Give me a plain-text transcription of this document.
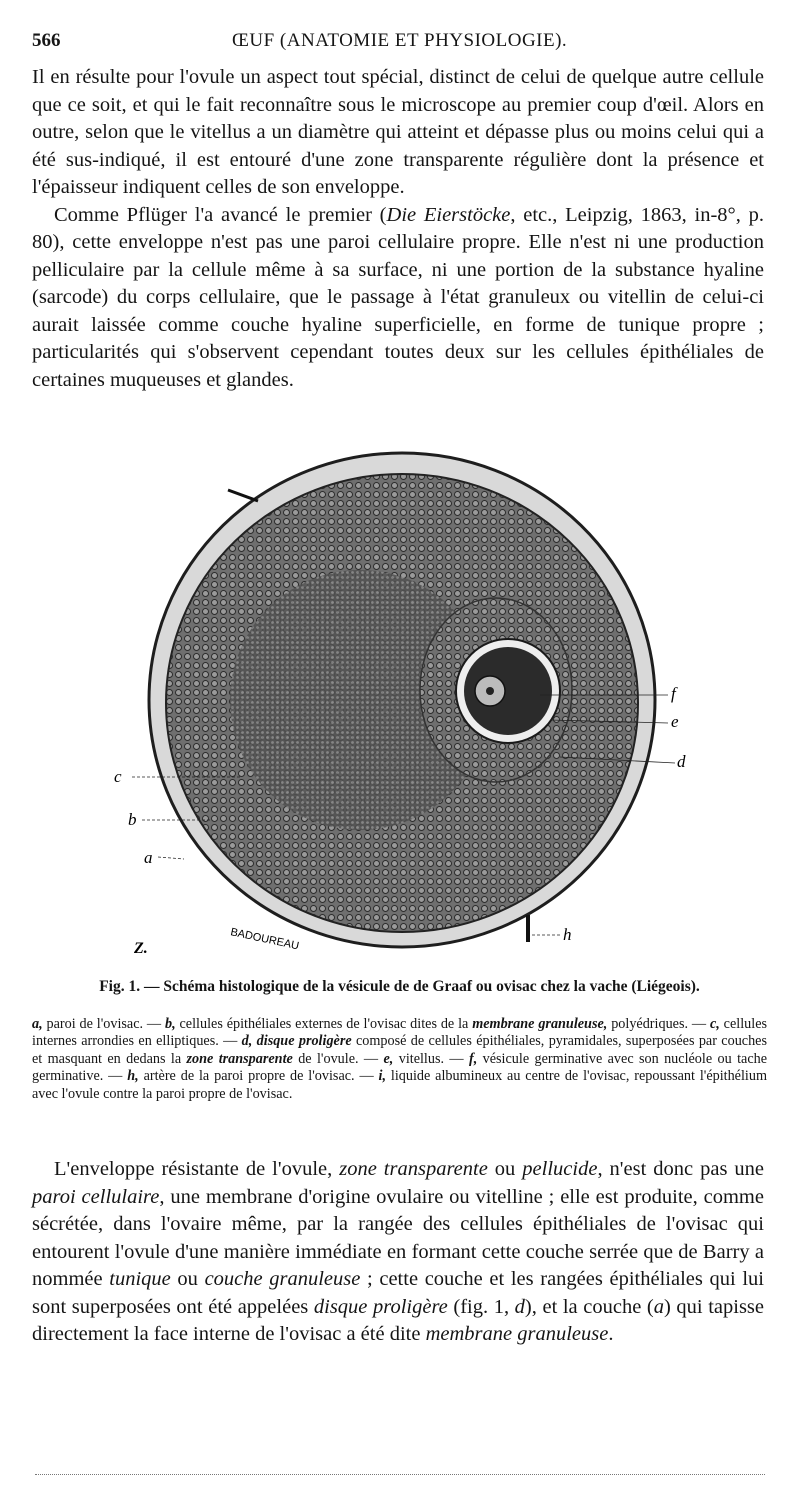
566	ŒUF (ANATOMIE ET PHYSIOLOGIE).

Il en résulte pour l'ovule un aspect tout spécial, distinct de celui de quelque autre cellule que ce soit, et qui le fait reconnaître sous le microscope au premier coup d'œil. Alors en outre, selon que le vitellus a un diamètre qui atteint et dépasse plus ou moins celui qui a été sus-indiqué, il est entouré d'une zone transparente régulière dont la présence et l'épaisseur indiquent celles de son enveloppe.

Comme Pflüger l'a avancé le premier (Die Eierstöcke, etc., Leipzig, 1863, in-8°, p. 80), cette enveloppe n'est pas une paroi cellulaire propre. Elle n'est ni une production pelliculaire par la cellule même à sa surface, ni une portion de la substance hyaline (sarcode) du corps cellulaire, que le passage à l'état granuleux ou vitellin de celui-ci aurait laissée comme couche hyaline superficielle, en forme de tunique propre ; particularités qui s'observent cependant toutes deux sur les cellules épithéliales de certaines muqueuses et glandes.

f
e
d
c
b
a
h
Z.	BADOUREAU
Fig. 1. — Schéma histologique de la vésicule de de Graaf ou ovisac chez la vache (Liégeois).
a, paroi de l'ovisac. — b, cellules épithéliales externes de l'ovisac dites de la membrane granuleuse, polyédriques. — c, cellules internes arrondies en elliptiques. — d, disque proligère composé de cellules épithéliales, pyramidales, superposées par couches et masquant en dedans la zone transparente de l'ovule. — e, vitellus. — f, vésicule germinative avec son nucléole ou tache germinative. — h, artère de la paroi propre de l'ovisac. — i, liquide albumineux au centre de l'ovisac, repoussant l'épithélium avec l'ovule contre la paroi propre de l'ovisac.

L'enveloppe résistante de l'ovule, zone transparente ou pellucide, n'est donc pas une paroi cellulaire, une membrane d'origine ovulaire ou vitelline ; elle est produite, comme sécrétée, dans l'ovaire même, par la rangée des cellules épithéliales de l'ovisac qui entourent l'ovule d'une manière immédiate en formant cette couche serrée que de Barry a nommée tunique ou couche granuleuse ; cette couche et les rangées épithéliales qui lui sont superposées ont été appelées disque proligère (fig. 1, d), et la couche (a) qui tapisse directement la face interne de l'ovisac a été dite membrane granuleuse.
